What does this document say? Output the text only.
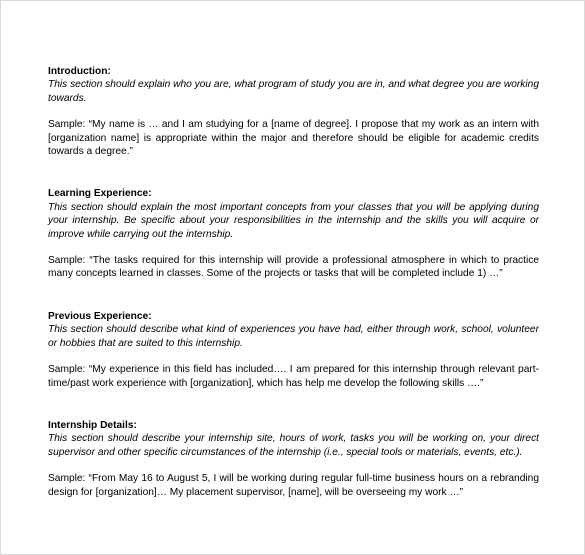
Introduction:

This section should explain who you are, what program of study you are in, and what degree you are working towards.

Sample: “My name is … and I am studying for a [name of degree]. I propose that my work as an intern with [organization name] is appropriate within the major and therefore should be eligible for academic credits towards a degree.”

Learning Experience:

This section should explain the most important concepts from your classes that you will be applying during your internship. Be specific about your responsibilities in the internship and the skills you will acquire or improve while carrying out the internship.

Sample: “The tasks required for this internship will provide a professional atmosphere in which to practice many concepts learned in classes. Some of the projects or tasks that will be completed include 1) …”

Previous Experience:

This section should describe what kind of experiences you have had, either through work, school, volunteer or hobbies that are suited to this internship.

Sample: “My experience in this field has included…. I am prepared for this internship through relevant part-time/past work experience with [organization], which has help me develop the following skills ….”

Internship Details:

This section should describe your internship site, hours of work, tasks you will be working on, your direct supervisor and other specific circumstances of the internship (i.e., special tools or materials, events, etc.).

Sample: “From May 16 to August 5, I will be working during regular full-time business hours on a rebranding design for [organization]… My placement supervisor, [name], will be overseeing my work …”
